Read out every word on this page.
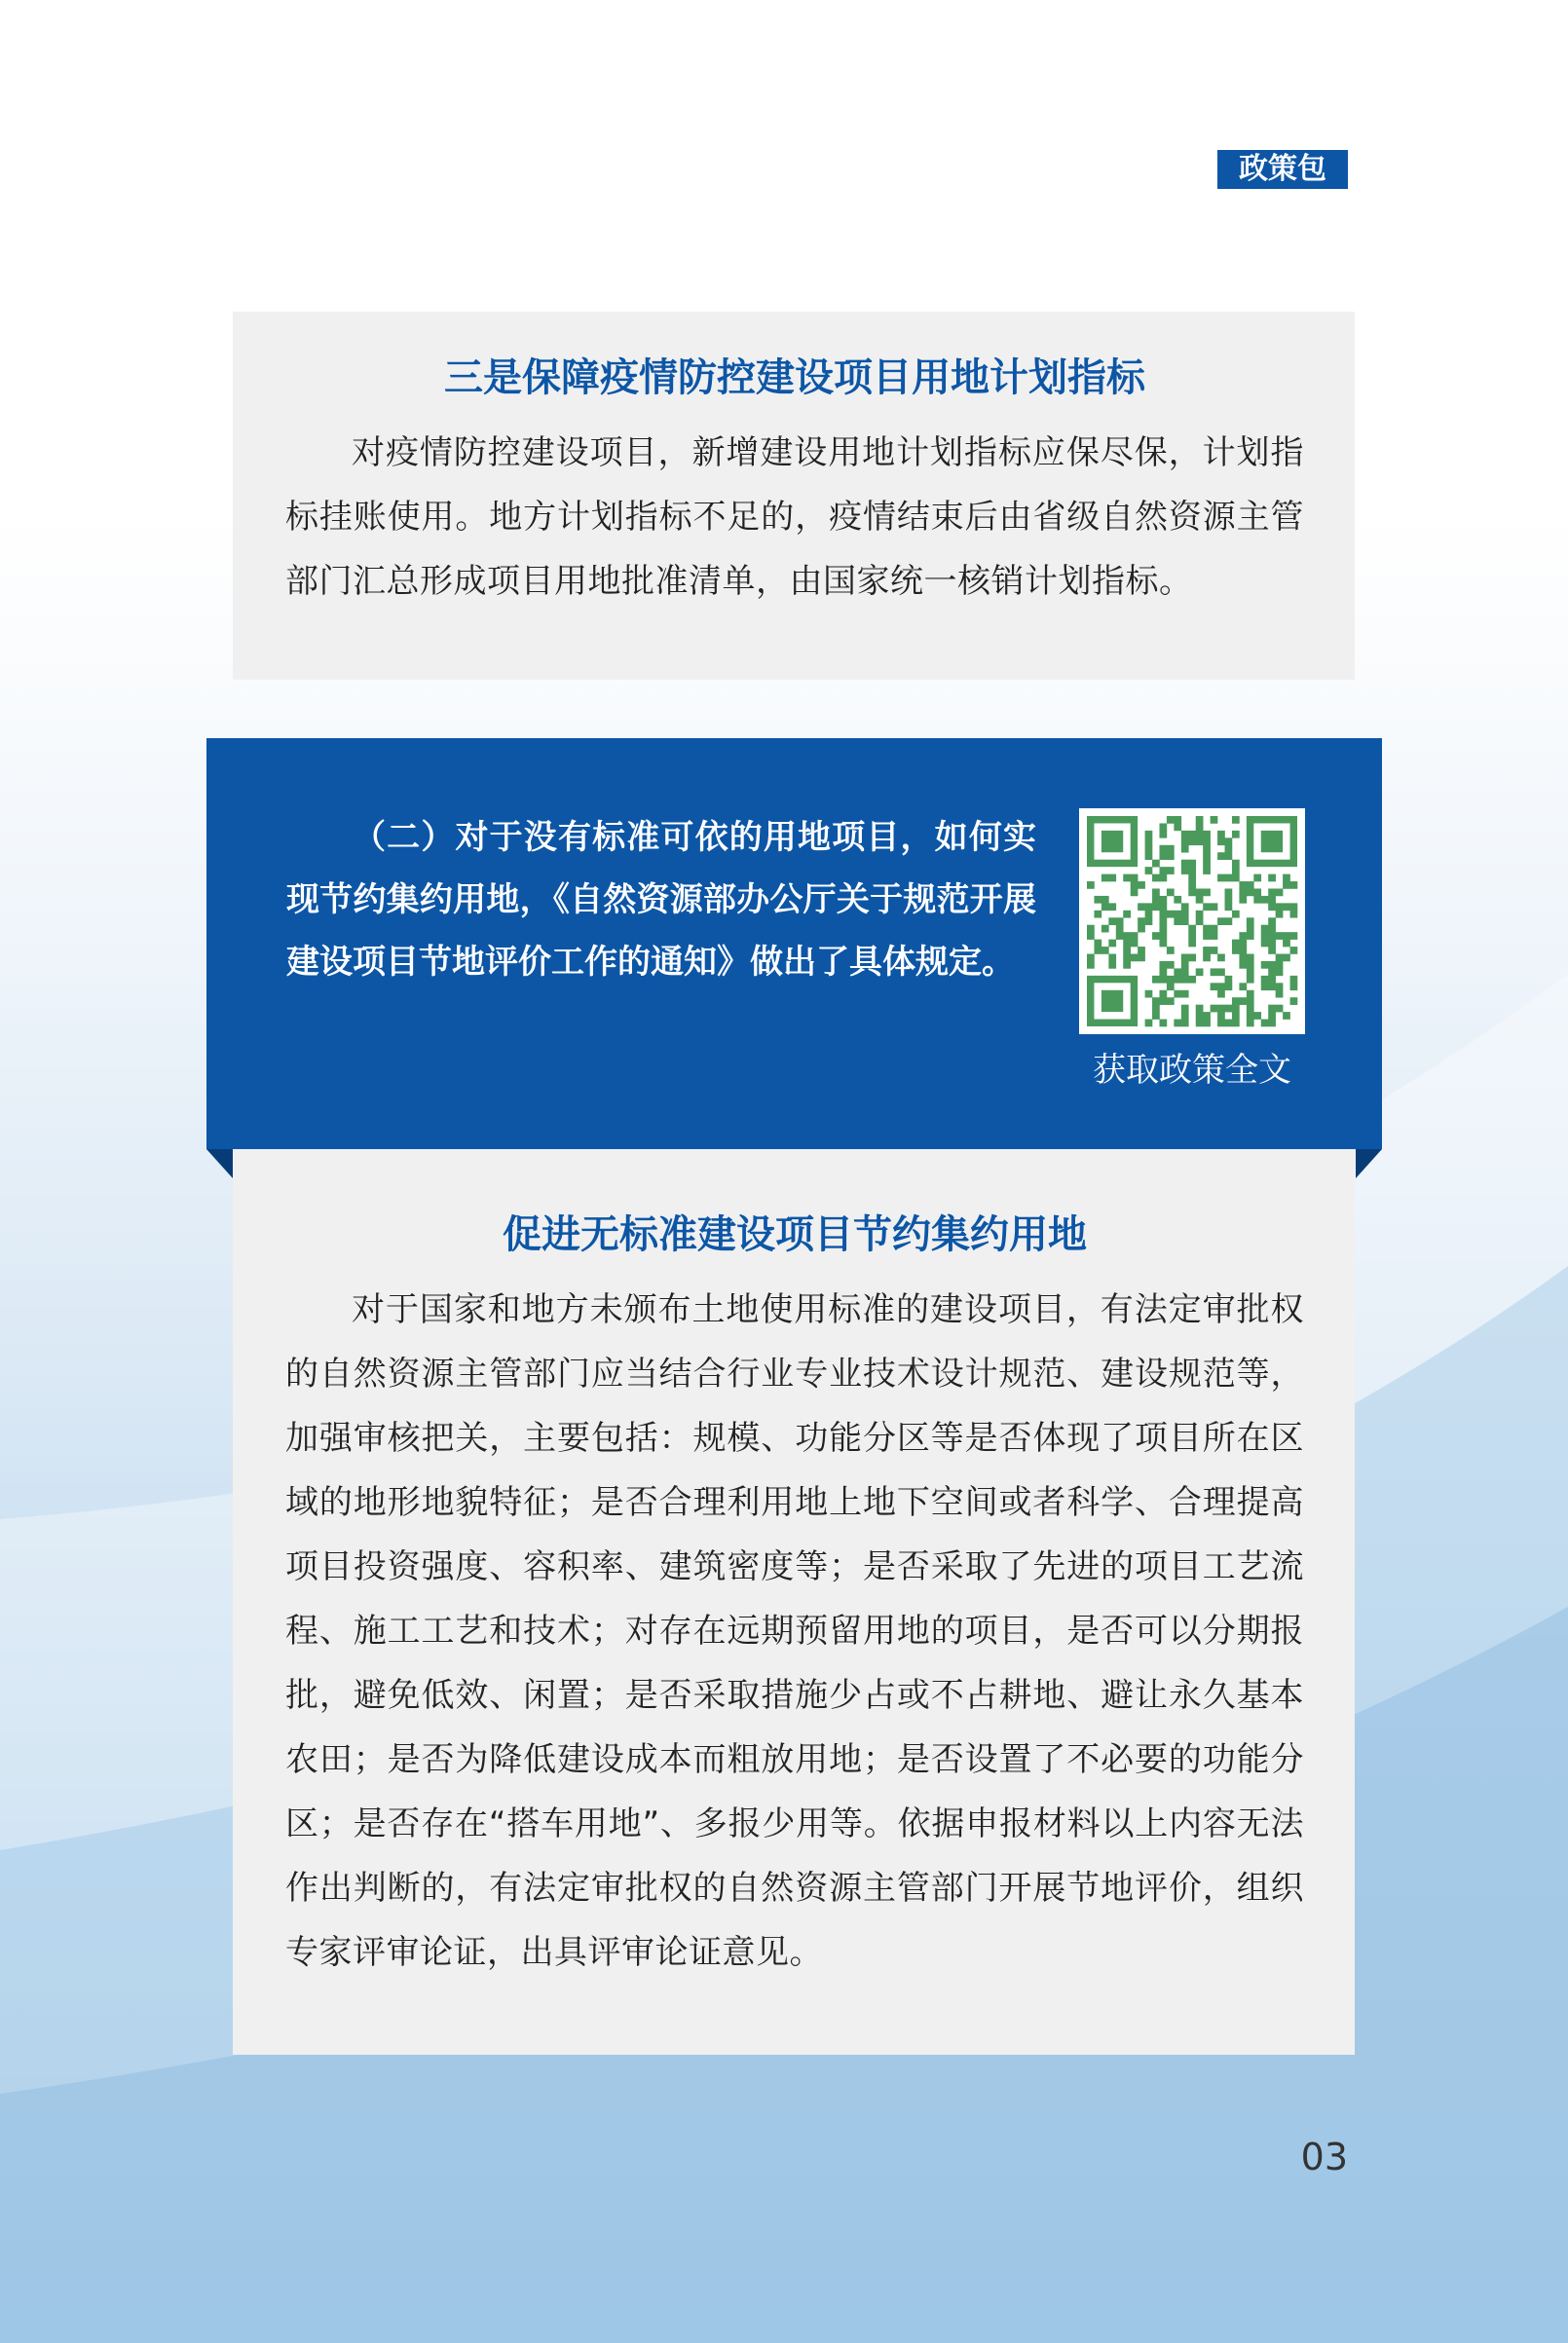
政策包
三是保障疫情防控建设项目用地计划指标

对疫情防控建设项目，新增建设用地计划指标应保尽保，计划指标挂账使用。地方计划指标不足的，疫情结束后由省级自然资源主管部门汇总形成项目用地批准清单，由国家统一核销计划指标。

（二）对于没有标准可依的用地项目，如何实现节约集约用地，《自然资源部办公厅关于规范开展建设项目节地评价工作的通知》做出了具体规定。

获取政策全文
促进无标准建设项目节约集约用地

对于国家和地方未颁布土地使用标准的建设项目，有法定审批权的自然资源主管部门应当结合行业专业技术设计规范、建设规范等，加强审核把关，主要包括：规模、功能分区等是否体现了项目所在区域的地形地貌特征；是否合理利用地上地下空间或者科学、合理提高项目投资强度、容积率、建筑密度等；是否采取了先进的项目工艺流程、施工工艺和技术；对存在远期预留用地的项目，是否可以分期报批，避免低效、闲置；是否采取措施少占或不占耕地、避让永久基本农田；是否为降低建设成本而粗放用地；是否设置了不必要的功能分区；是否存在“搭车用地”、多报少用等。依据申报材料以上内容无法作出判断的，有法定审批权的自然资源主管部门开展节地评价，组织专家评审论证，出具评审论证意见。

03
